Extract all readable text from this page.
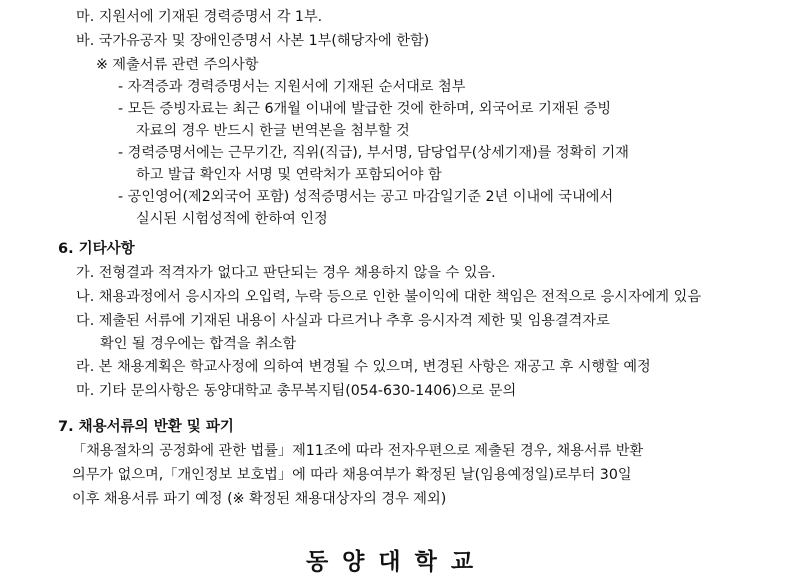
마. 지원서에 기재된 경력증명서 각 1부.
바. 국가유공자 및 장애인증명서 사본 1부(해당자에 한함)
※ 제출서류 관련 주의사항
- 자격증과 경력증명서는 지원서에 기재된 순서대로 첨부
- 모든 증빙자료는 최근 6개월 이내에 발급한 것에 한하며, 외국어로 기재된 증빙
자료의 경우 반드시 한글 번역본을 첨부할 것
- 경력증명서에는 근무기간, 직위(직급), 부서명, 담당업무(상세기재)를 정확히 기재
하고 발급 확인자 서명 및 연락처가 포함되어야 함
- 공인영어(제2외국어 포함) 성적증명서는 공고 마감일기준 2년 이내에 국내에서
실시된 시험성적에 한하여 인정
6. 기타사항
가. 전형결과 적격자가 없다고 판단되는 경우 채용하지 않을 수 있음.
나. 채용과정에서 응시자의 오입력, 누락 등으로 인한 불이익에 대한 책임은 전적으로 응시자에게 있음
다. 제출된 서류에 기재된 내용이 사실과 다르거나 추후 응시자격 제한 및 임용결격자로
확인 될 경우에는 합격을 취소함
라. 본 채용계획은 학교사정에 의하여 변경될 수 있으며, 변경된 사항은 재공고 후 시행할 예정
마. 기타 문의사항은 동양대학교 총무복지팀(054-630-1406)으로 문의
7. 채용서류의 반환 및 파기
「채용절차의 공정화에 관한 법률」제11조에 따라 전자우편으로 제출된 경우, 채용서류 반환
의무가 없으며,「개인정보 보호법」에 따라 채용여부가 확정된 날(임용예정일)로부터 30일
이후 채용서류 파기 예정 (※ 확정된 채용대상자의 경우 제외)
동양대학교
